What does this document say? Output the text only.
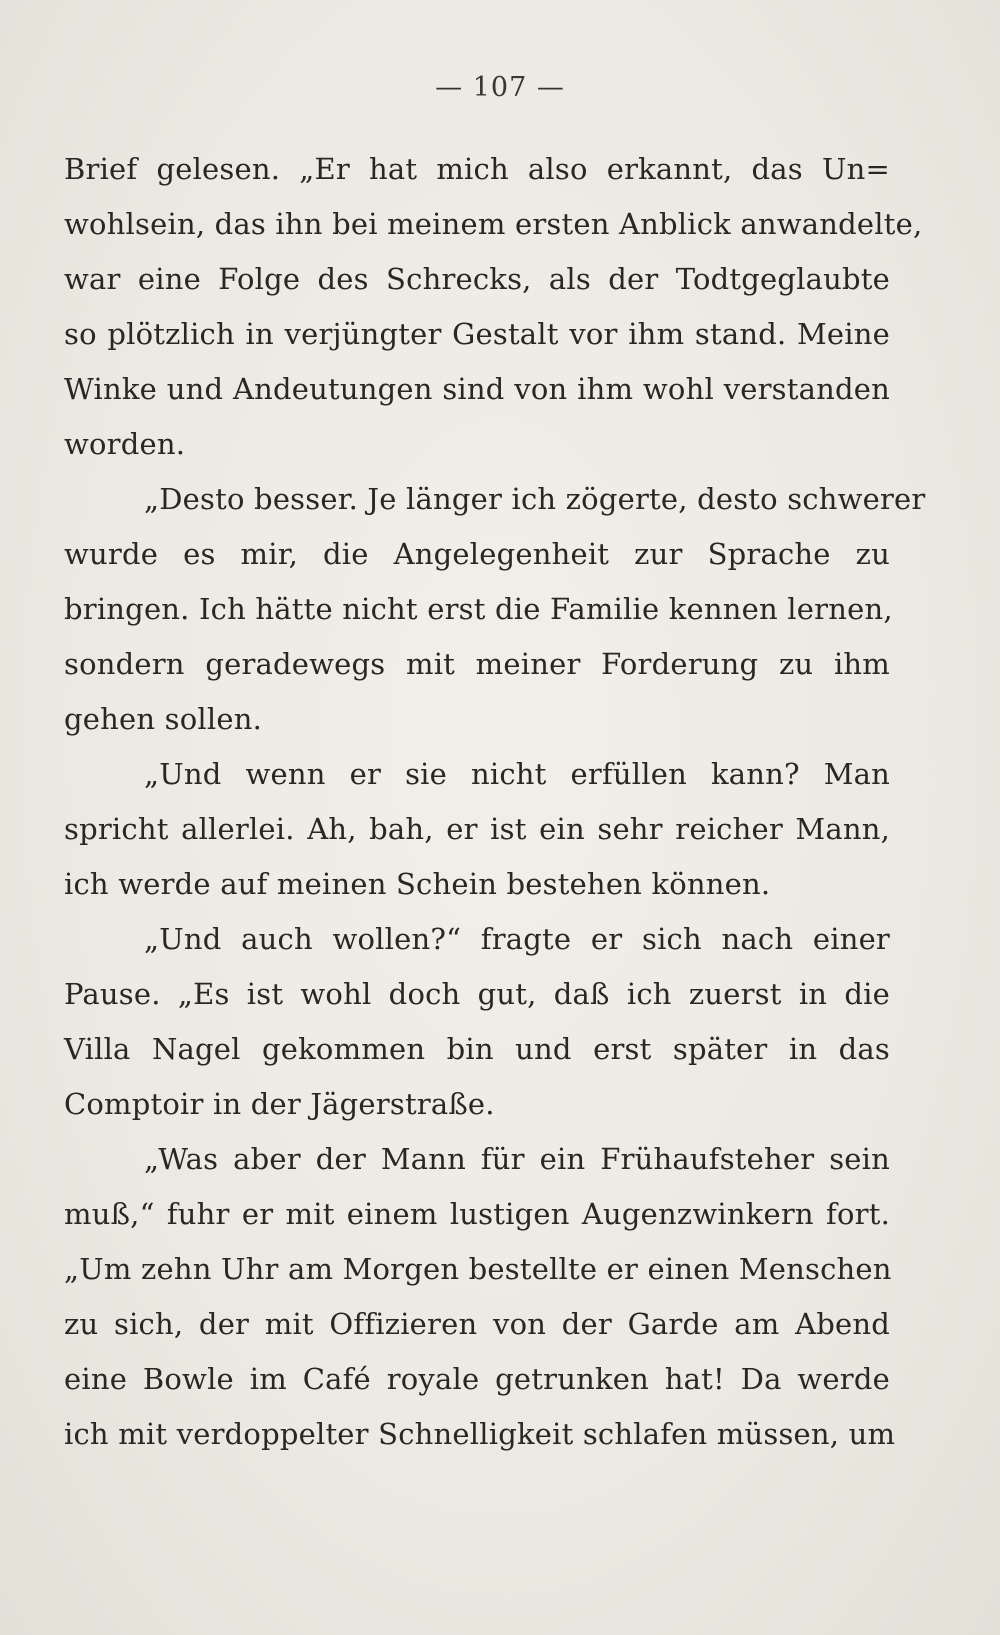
— 107 —
Brief gelesen. „Er hat mich also erkannt, das Un=
wohlsein, das ihn bei meinem ersten Anblick anwandelte,
war eine Folge des Schrecks, als der Todtgeglaubte
so plötzlich in verjüngter Gestalt vor ihm stand. Meine
Winke und Andeutungen sind von ihm wohl verstanden
worden.
„Desto besser. Je länger ich zögerte, desto schwerer
wurde es mir, die Angelegenheit zur Sprache zu
bringen. Ich hätte nicht erst die Familie kennen lernen,
sondern geradewegs mit meiner Forderung zu ihm
gehen sollen.
„Und wenn er sie nicht erfüllen kann? Man
spricht allerlei. Ah, bah, er ist ein sehr reicher Mann,
ich werde auf meinen Schein bestehen können.
„Und auch wollen?“ fragte er sich nach einer
Pause. „Es ist wohl doch gut, daß ich zuerst in die
Villa Nagel gekommen bin und erst später in das
Comptoir in der Jägerstraße.
„Was aber der Mann für ein Frühaufsteher sein
muß,“ fuhr er mit einem lustigen Augenzwinkern fort.
„Um zehn Uhr am Morgen bestellte er einen Menschen
zu sich, der mit Offizieren von der Garde am Abend
eine Bowle im Café royale getrunken hat! Da werde
ich mit verdoppelter Schnelligkeit schlafen müssen, um
